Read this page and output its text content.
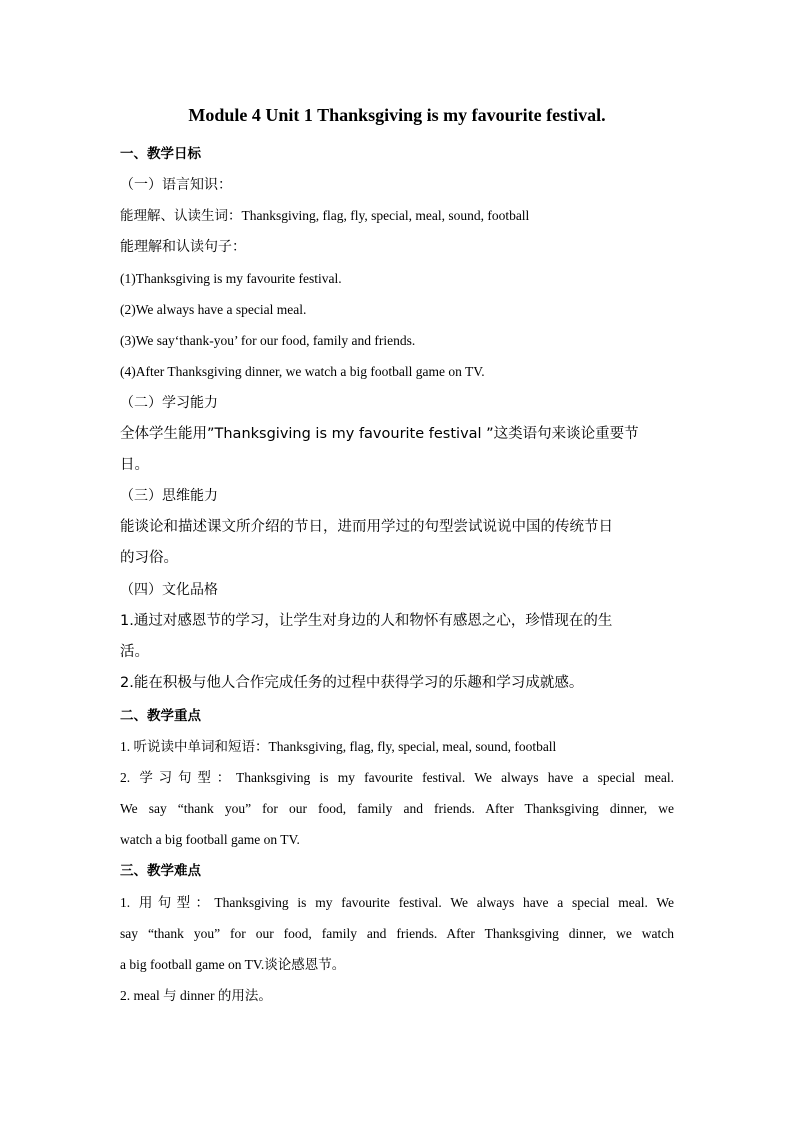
Module 4 Unit 1 Thanksgiving is my favourite festival.
一、教学日标
（一）语言知识：
能理解、认读生词：Thanksgiving, flag, fly, special, meal, sound, football
能理解和认读句子：
(1)Thanksgiving is my favourite festival.
(2)We always have a special meal.
(3)We say‘thank-you’ for our food, family and friends.
(4)After Thanksgiving dinner, we watch a big football game on TV.
（二）学习能力
全体学生能用”Thanksgiving is my favourite festival ”这类语句来谈论重要节
日。
（三）思维能力
能谈论和描述课文所介绍的节日，进而用学过的句型尝试说说中国的传统节日
的习俗。
（四）文化品格
1.通过对感恩节的学习，让学生对身边的人和物怀有感恩之心，珍惜现在的生
活。
2.能在积极与他人合作完成任务的过程中获得学习的乐趣和学习成就感。
二、教学重点
1. 听说读中单词和短语：Thanksgiving, flag, fly, special, meal, sound, football
2. 学习句型：Thanksgiving is my favourite festival. We always have a special meal.
We say “thank you” for our food, family and friends. After Thanksgiving dinner, we
watch a big football game on TV.
三、教学难点
1. 用句型：Thanksgiving is my favourite festival. We always have a special meal. We
say “thank you” for our food, family and friends. After Thanksgiving dinner, we watch
a big football game on TV.谈论感恩节。
2. meal 与 dinner 的用法。
